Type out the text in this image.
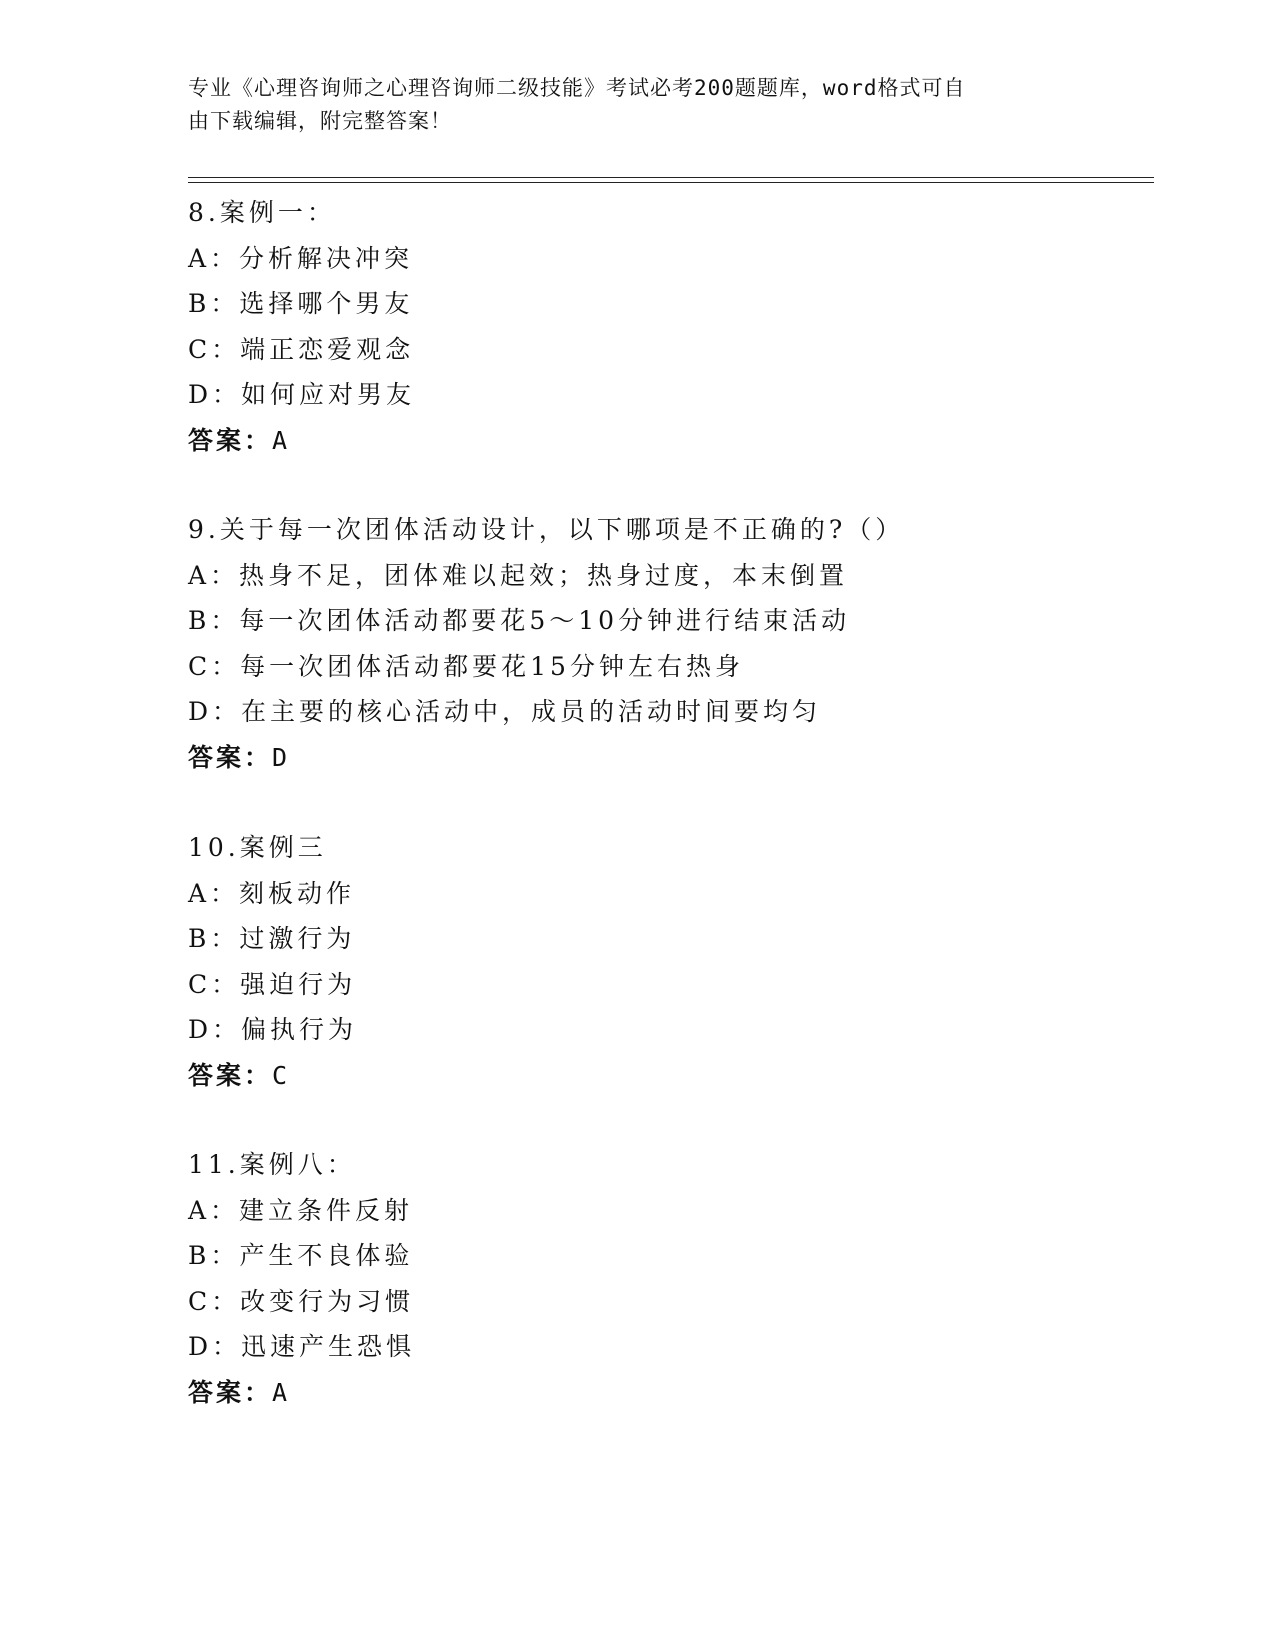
专业《心理咨询师之心理咨询师二级技能》考试必考200题题库，word格式可自
由下载编辑，附完整答案！
8.案例一：
A：分析解决冲突
B：选择哪个男友
C：端正恋爱观念
D：如何应对男友
答案：A
9.关于每一次团体活动设计，以下哪项是不正确的?（）
A：热身不足，团体难以起效；热身过度，本末倒置
B：每一次团体活动都要花5～10分钟进行结束活动
C：每一次团体活动都要花15分钟左右热身
D：在主要的核心活动中，成员的活动时间要均匀
答案：D
10.案例三
A：刻板动作
B：过激行为
C：强迫行为
D：偏执行为
答案：C
11.案例八：
A：建立条件反射
B：产生不良体验
C：改变行为习惯
D：迅速产生恐惧
答案：A
